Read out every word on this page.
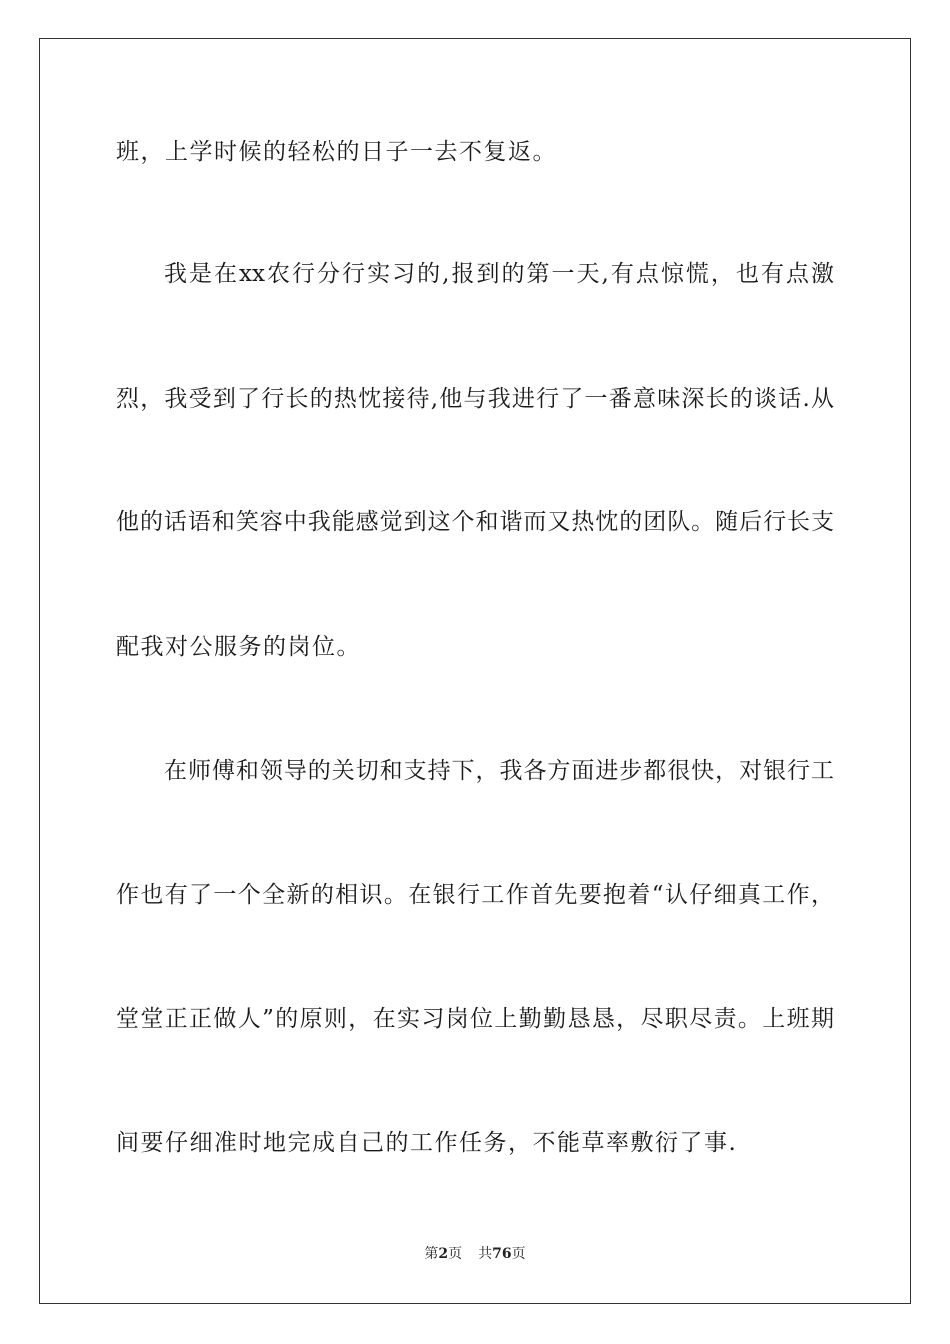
班，上学时候的轻松的日子一去不复返。
我是在xx农行分行实习的,报到的第一天,有点惊慌，也有点激
烈，我受到了行长的热忱接待,他与我进行了一番意味深长的谈话.从
他的话语和笑容中我能感觉到这个和谐而又热忱的团队。随后行长支
配我对公服务的岗位。
在师傅和领导的关切和支持下，我各方面进步都很快，对银行工
作也有了一个全新的相识。在银行工作首先要抱着“认仔细真工作，
堂堂正正做人”的原则，在实习岗位上勤勤恳恳，尽职尽责。上班期
间要仔细准时地完成自己的工作任务，不能草率敷衍了事.
第2页 共76页
